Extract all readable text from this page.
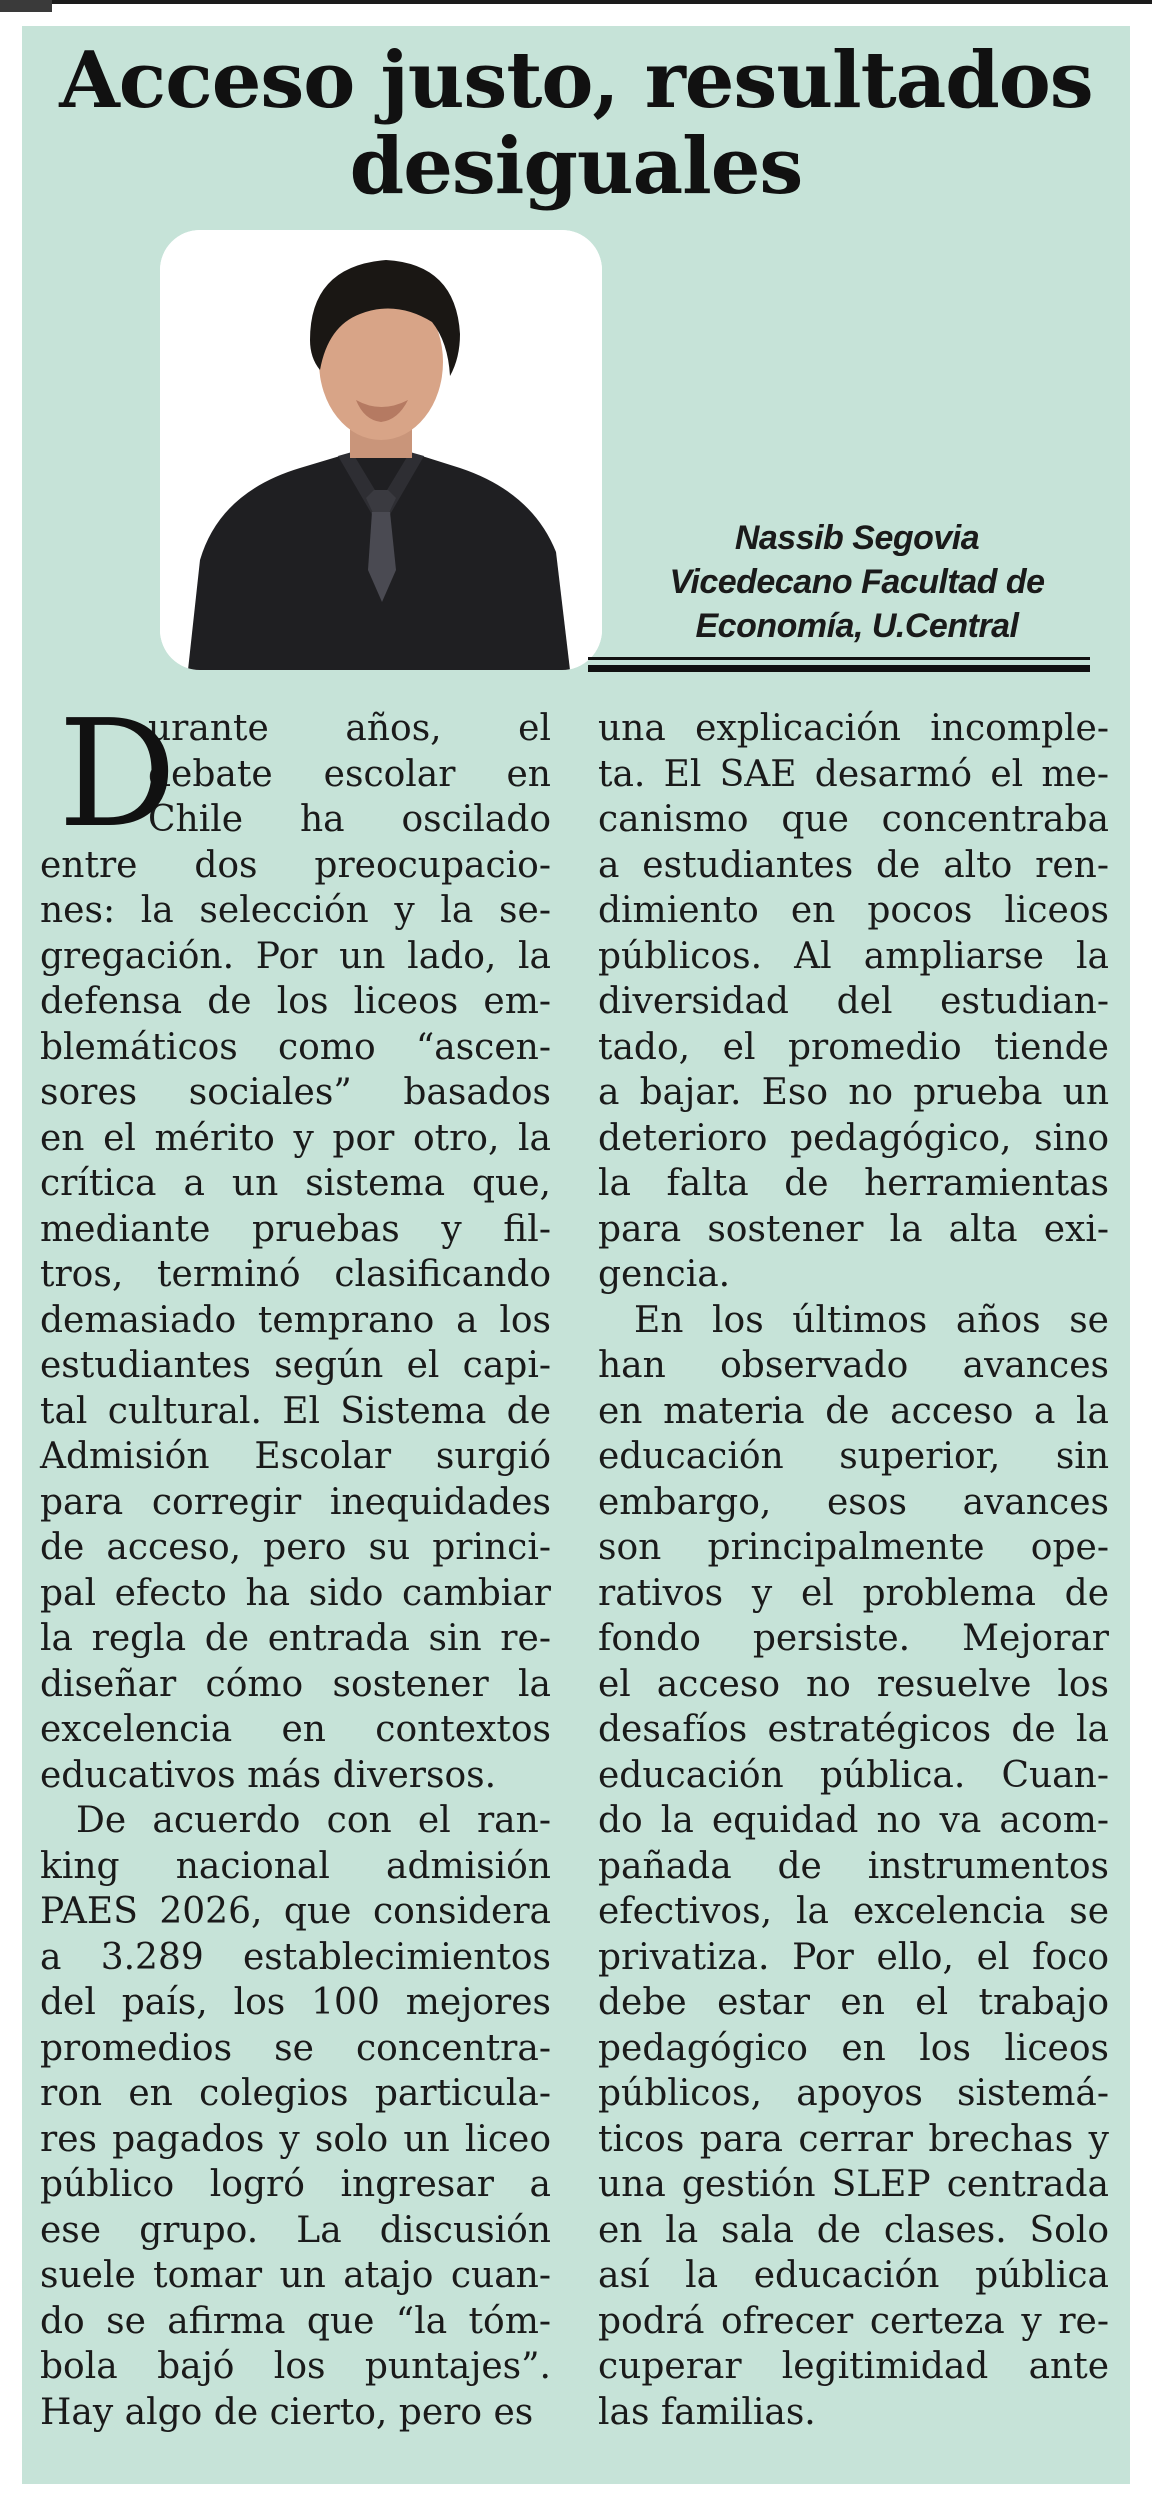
Acceso justo, resultados
desiguales
Nassib Segovia
Vicedecano Facultad de
Economía, U.Central
D
urante años, el
debate escolar en
Chile ha oscilado
entre dos preocupacio-
nes: la selección y la se-
gregación. Por un lado, la
defensa de los liceos em-
blemáticos como “ascen-
sores sociales” basados
en el mérito y por otro, la
crítica a un sistema que,
mediante pruebas y fil-
tros, terminó clasificando
demasiado temprano a los
estudiantes según el capi-
tal cultural. El Sistema de
Admisión Escolar surgió
para corregir inequidades
de acceso, pero su princi-
pal efecto ha sido cambiar
la regla de entrada sin re-
diseñar cómo sostener la
excelencia en contextos
educativos más diversos.
De acuerdo con el ran-
king nacional admisión
PAES 2026, que considera
a 3.289 establecimientos
del país, los 100 mejores
promedios se concentra-
ron en colegios particula-
res pagados y solo un liceo
público logró ingresar a
ese grupo. La discusión
suele tomar un atajo cuan-
do se afirma que “la tóm-
bola bajó los puntajes”.
Hay algo de cierto, pero es
una explicación incomple-
ta. El SAE desarmó el me-
canismo que concentraba
a estudiantes de alto ren-
dimiento en pocos liceos
públicos. Al ampliarse la
diversidad del estudian-
tado, el promedio tiende
a bajar. Eso no prueba un
deterioro pedagógico, sino
la falta de herramientas
para sostener la alta exi-
gencia.
En los últimos años se
han observado avances
en materia de acceso a la
educación superior, sin
embargo, esos avances
son principalmente ope-
rativos y el problema de
fondo persiste. Mejorar
el acceso no resuelve los
desafíos estratégicos de la
educación pública. Cuan-
do la equidad no va acom-
pañada de instrumentos
efectivos, la excelencia se
privatiza. Por ello, el foco
debe estar en el trabajo
pedagógico en los liceos
públicos, apoyos sistemá-
ticos para cerrar brechas y
una gestión SLEP centrada
en la sala de clases. Solo
así la educación pública
podrá ofrecer certeza y re-
cuperar legitimidad ante
las familias.
